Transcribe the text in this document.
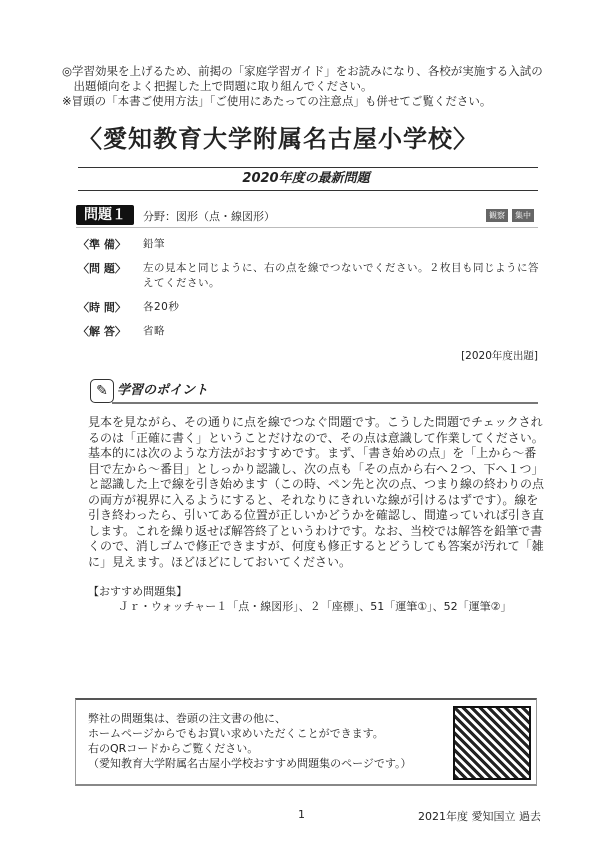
◎学習効果を上げるため、前掲の「家庭学習ガイド」をお読みになり、各校が実施する入試の
　出題傾向をよく把握した上で問題に取り組んでください。
※冒頭の「本書ご使用方法」「ご使用にあたっての注意点」も併せてご覧ください。
〈愛知教育大学附属名古屋小学校〉
2020年度の最新問題
問題１	分野：図形（点・線図形）	観察	集中
〈準 備〉	鉛筆
〈問 題〉	左の見本と同じように、右の点を線でつないでください。２枚目も同じように答えてください。
〈時 間〉	各20秒
〈解 答〉	省略
[2020年度出題]
✎ 学習のポイント
見本を見ながら、その通りに点を線でつなぐ問題です。こうした問題でチェックされるのは「正確に書く」ということだけなので、その点は意識して作業してください。基本的には次のような方法がおすすめです。まず、「書き始めの点」を「上から～番目で左から～番目」としっかり認識し、次の点も「その点から右へ２つ、下へ１つ」と認識した上で線を引き始めます（この時、ペン先と次の点、つまり線の終わりの点の両方が視界に入るようにすると、それなりにきれいな線が引けるはずです）。線を引き終わったら、引いてある位置が正しいかどうかを確認し、間違っていれば引き直します。これを繰り返せば解答終了というわけです。なお、当校では解答を鉛筆で書くので、消しゴムで修正できますが、何度も修正するとどうしても答案が汚れて「雑に」見えます。ほどほどにしておいてください。
【おすすめ問題集】
Ｊｒ・ウォッチャー１「点・線図形」、２「座標」、51「運筆①」、52「運筆②」
弊社の問題集は、巻頭の注文書の他に、
ホームページからでもお買い求めいただくことができます。
右のQRコードからご覧ください。
（愛知教育大学附属名古屋小学校おすすめ問題集のページです。）
1	2021年度 愛知国立 過去
